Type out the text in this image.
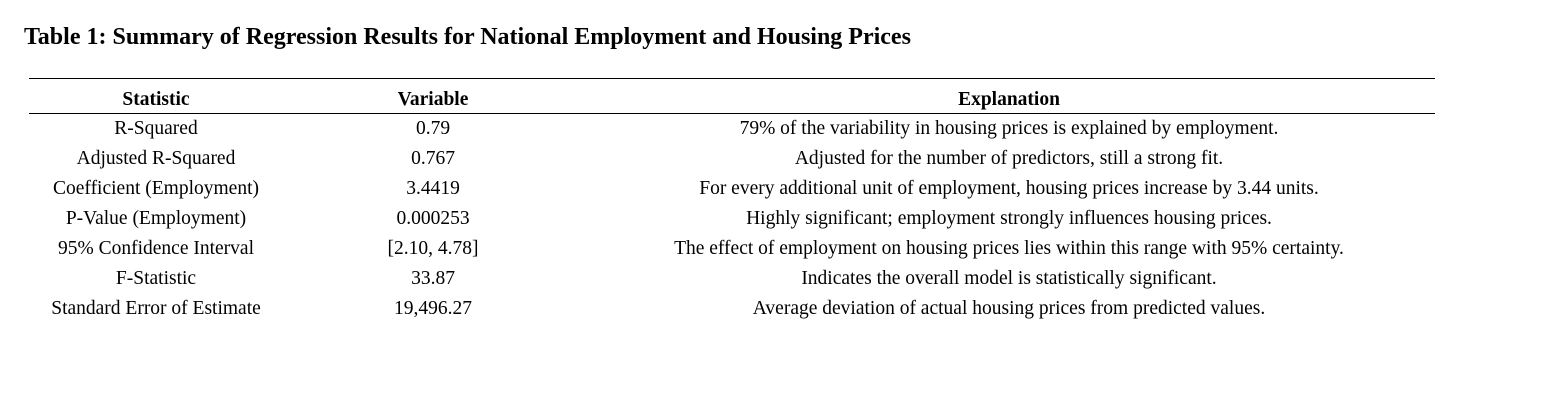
Table 1: Summary of Regression Results for National Employment and Housing Prices
Statistic	Variable	Explanation
R-Squared	0.79	79% of the variability in housing prices is explained by employment.
Adjusted R-Squared	0.767	Adjusted for the number of predictors, still a strong fit.
Coefficient (Employment)	3.4419	For every additional unit of employment, housing prices increase by 3.44 units.
P-Value (Employment)	0.000253	Highly significant; employment strongly influences housing prices.
95% Confidence Interval	[2.10, 4.78]	The effect of employment on housing prices lies within this range with 95% certainty.
F-Statistic	33.87	Indicates the overall model is statistically significant.
Standard Error of Estimate	19,496.27	Average deviation of actual housing prices from predicted values.
